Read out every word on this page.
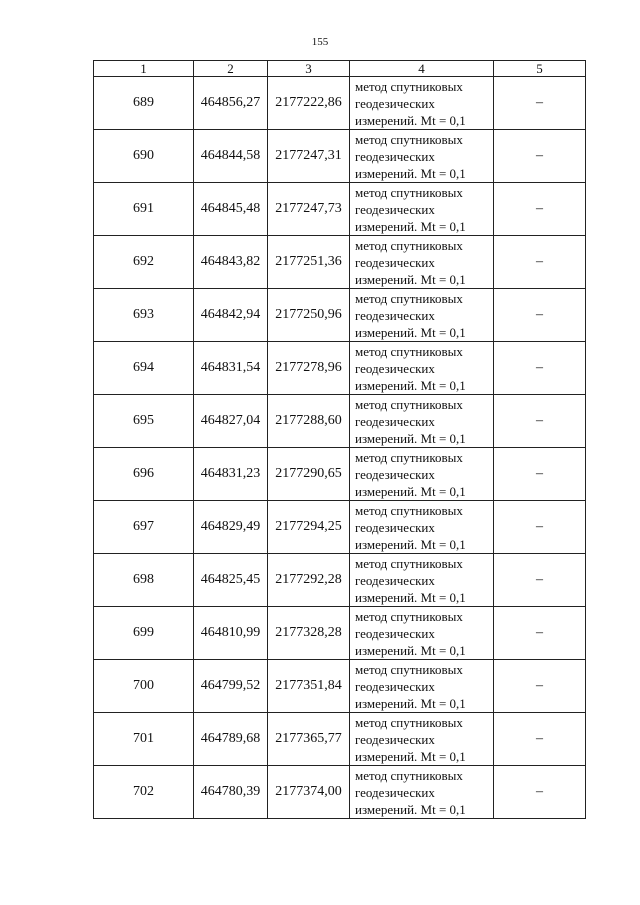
155
1	2	3	4	5
689	464856,27	2177222,86	метод спутниковых
геодезических
измерений. Mt = 0,1	–
690	464844,58	2177247,31	метод спутниковых
геодезических
измерений. Mt = 0,1	–
691	464845,48	2177247,73	метод спутниковых
геодезических
измерений. Mt = 0,1	–
692	464843,82	2177251,36	метод спутниковых
геодезических
измерений. Mt = 0,1	–
693	464842,94	2177250,96	метод спутниковых
геодезических
измерений. Mt = 0,1	–
694	464831,54	2177278,96	метод спутниковых
геодезических
измерений. Mt = 0,1	–
695	464827,04	2177288,60	метод спутниковых
геодезических
измерений. Mt = 0,1	–
696	464831,23	2177290,65	метод спутниковых
геодезических
измерений. Mt = 0,1	–
697	464829,49	2177294,25	метод спутниковых
геодезических
измерений. Mt = 0,1	–
698	464825,45	2177292,28	метод спутниковых
геодезических
измерений. Mt = 0,1	–
699	464810,99	2177328,28	метод спутниковых
геодезических
измерений. Mt = 0,1	–
700	464799,52	2177351,84	метод спутниковых
геодезических
измерений. Mt = 0,1	–
701	464789,68	2177365,77	метод спутниковых
геодезических
измерений. Mt = 0,1	–
702	464780,39	2177374,00	метод спутниковых
геодезических
измерений. Mt = 0,1	–
